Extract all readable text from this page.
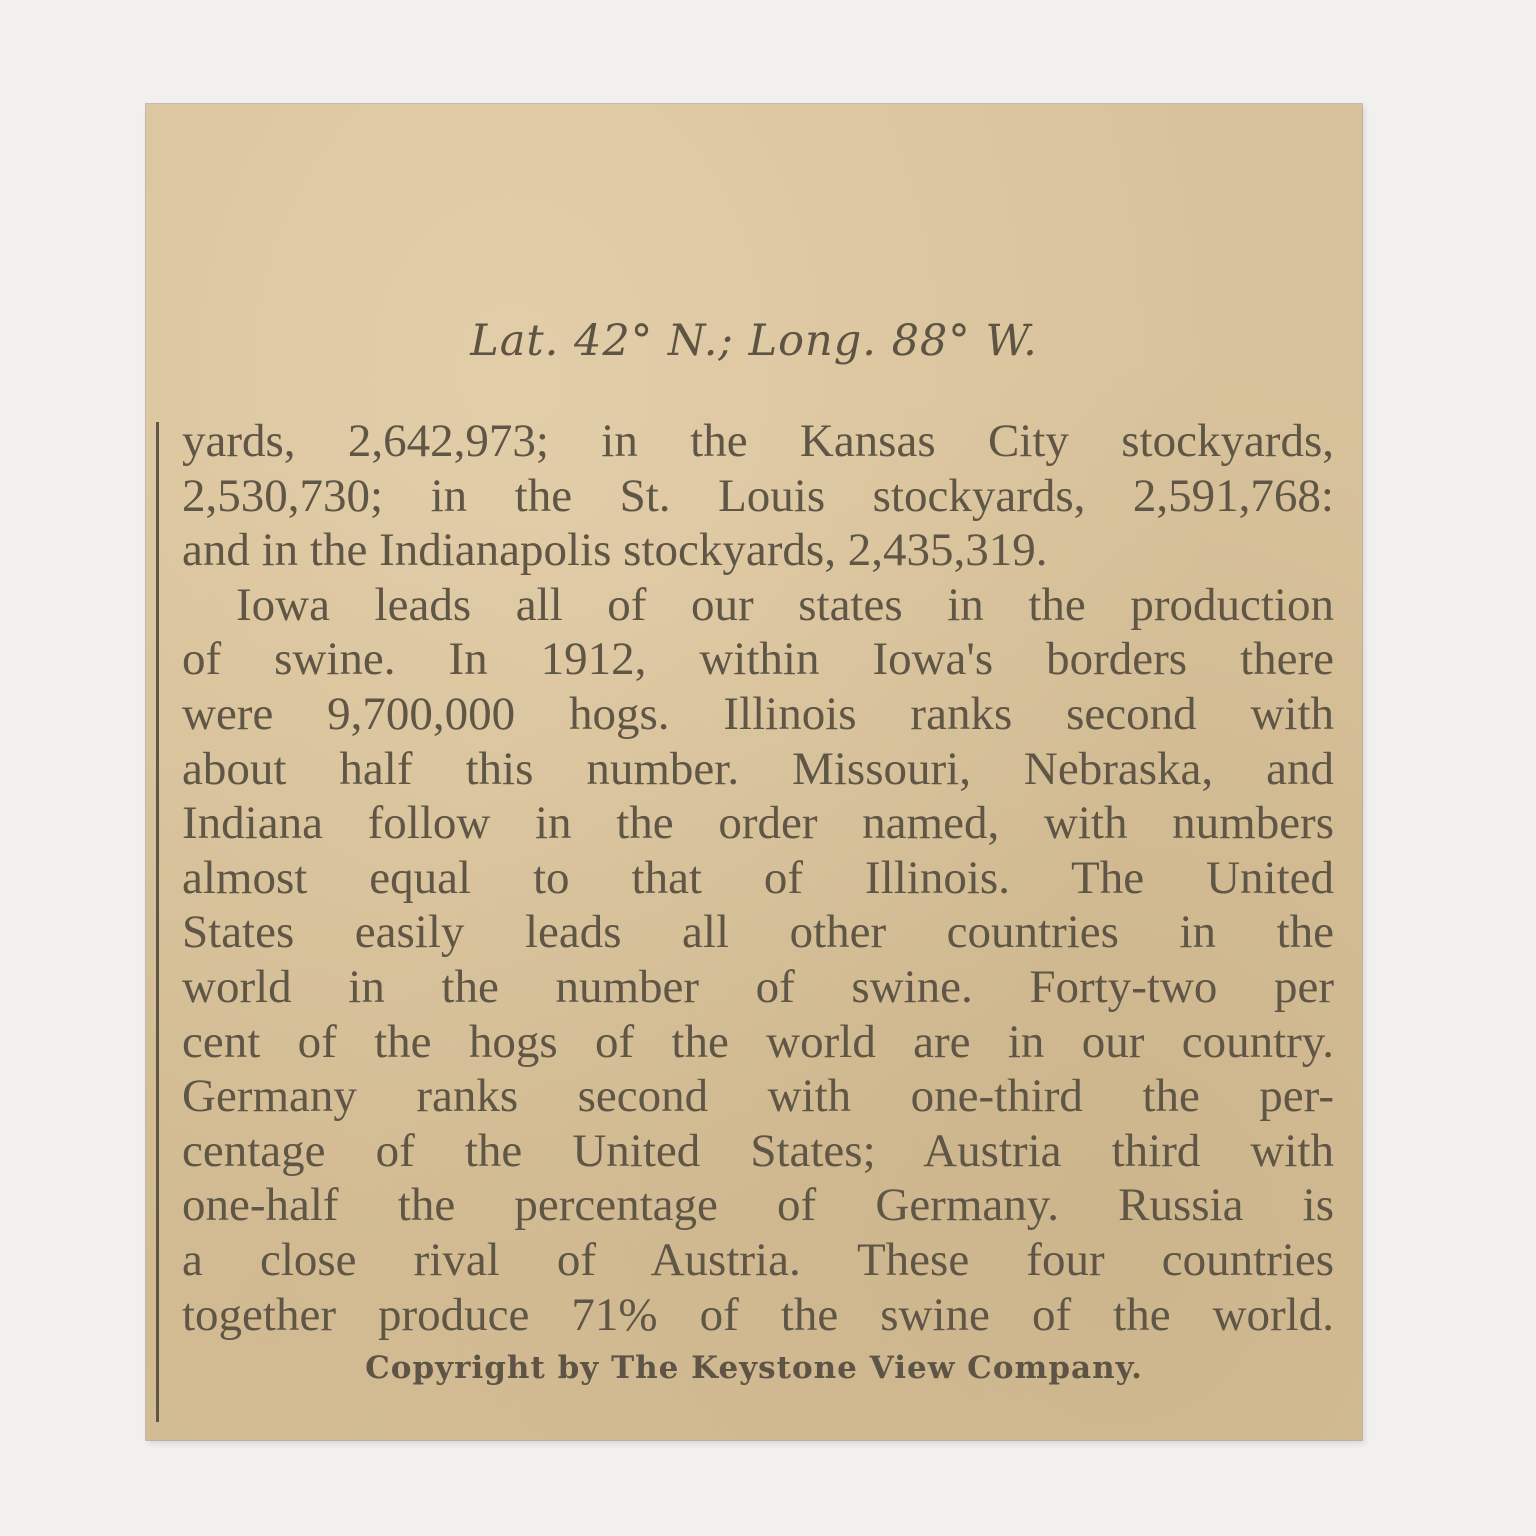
Lat. 42° N.; Long. 88° W.
yards, 2,642,973; in the Kansas City stockyards,
2,530,730; in the St. Louis stockyards, 2,591,768:
and in the Indianapolis stockyards, 2,435,319.
Iowa leads all of our states in the production
of swine. In 1912, within Iowa's borders there
were 9,700,000 hogs. Illinois ranks second with
about half this number. Missouri, Nebraska, and
Indiana follow in the order named, with numbers
almost equal to that of Illinois. The United
States easily leads all other countries in the
world in the number of swine. Forty-two per
cent of the hogs of the world are in our country.
Germany ranks second with one-third the per-
centage of the United States; Austria third with
one-half the percentage of Germany. Russia is
a close rival of Austria. These four countries
together produce 71% of the swine of the world.
Copyright by The Keystone View Company.
